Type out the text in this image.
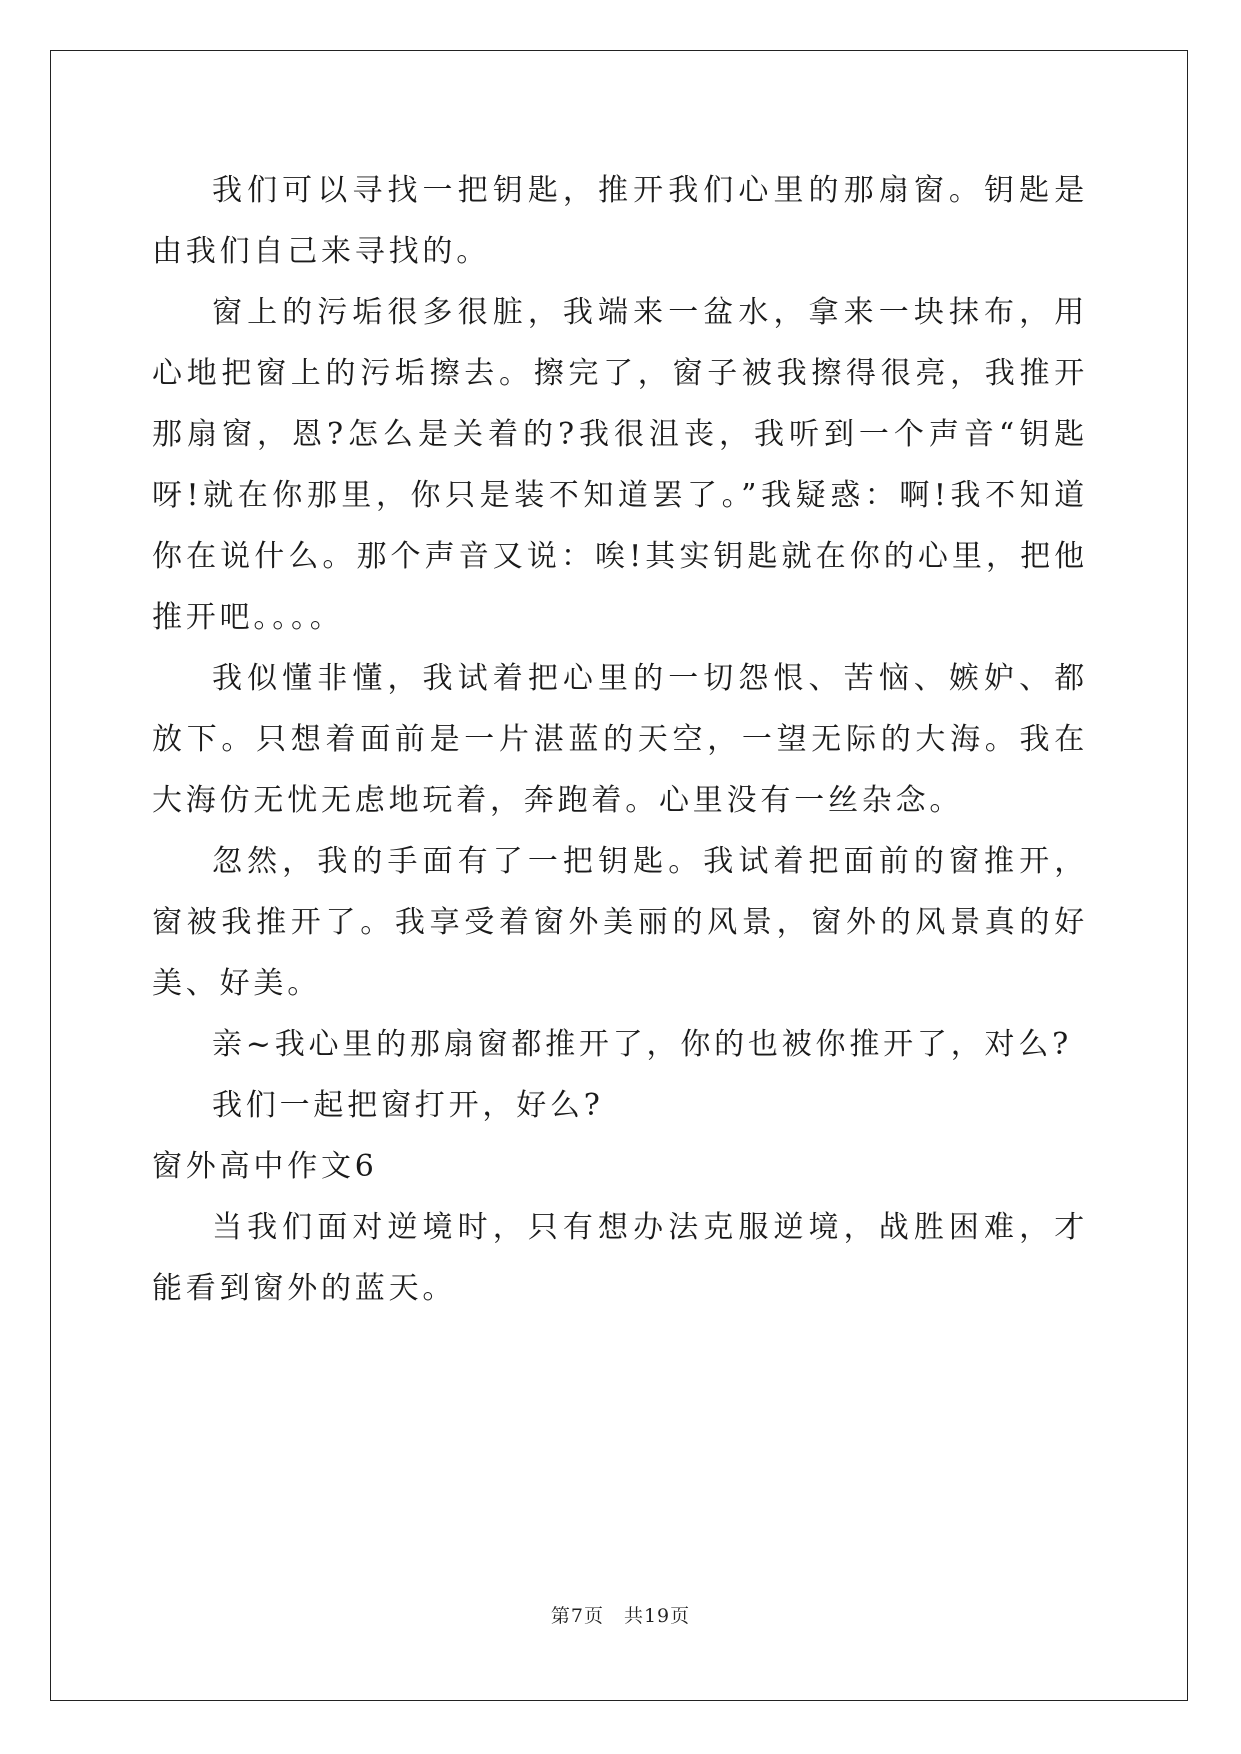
我们可以寻找一把钥匙，推开我们心里的那扇窗。钥匙是由我们自己来寻找的。

窗上的污垢很多很脏，我端来一盆水，拿来一块抹布，用心地把窗上的污垢擦去。擦完了，窗子被我擦得很亮，我推开那扇窗，恩?怎么是关着的?我很沮丧，我听到一个声音“钥匙呀!就在你那里，你只是装不知道罢了。”我疑惑：啊!我不知道你在说什么。那个声音又说：唉!其实钥匙就在你的心里，把他推开吧。。。。

我似懂非懂，我试着把心里的一切怨恨、苦恼、嫉妒、都放下。只想着面前是一片湛蓝的天空，一望无际的大海。我在大海仿无忧无虑地玩着，奔跑着。心里没有一丝杂念。

忽然，我的手面有了一把钥匙。我试着把面前的窗推开，窗被我推开了。我享受着窗外美丽的风景，窗外的风景真的好美、好美。

亲~我心里的那扇窗都推开了，你的也被你推开了，对么?

我们一起把窗打开，好么?

窗外高中作文6

当我们面对逆境时，只有想办法克服逆境，战胜困难，才能看到窗外的蓝天。

第7页　共19页
